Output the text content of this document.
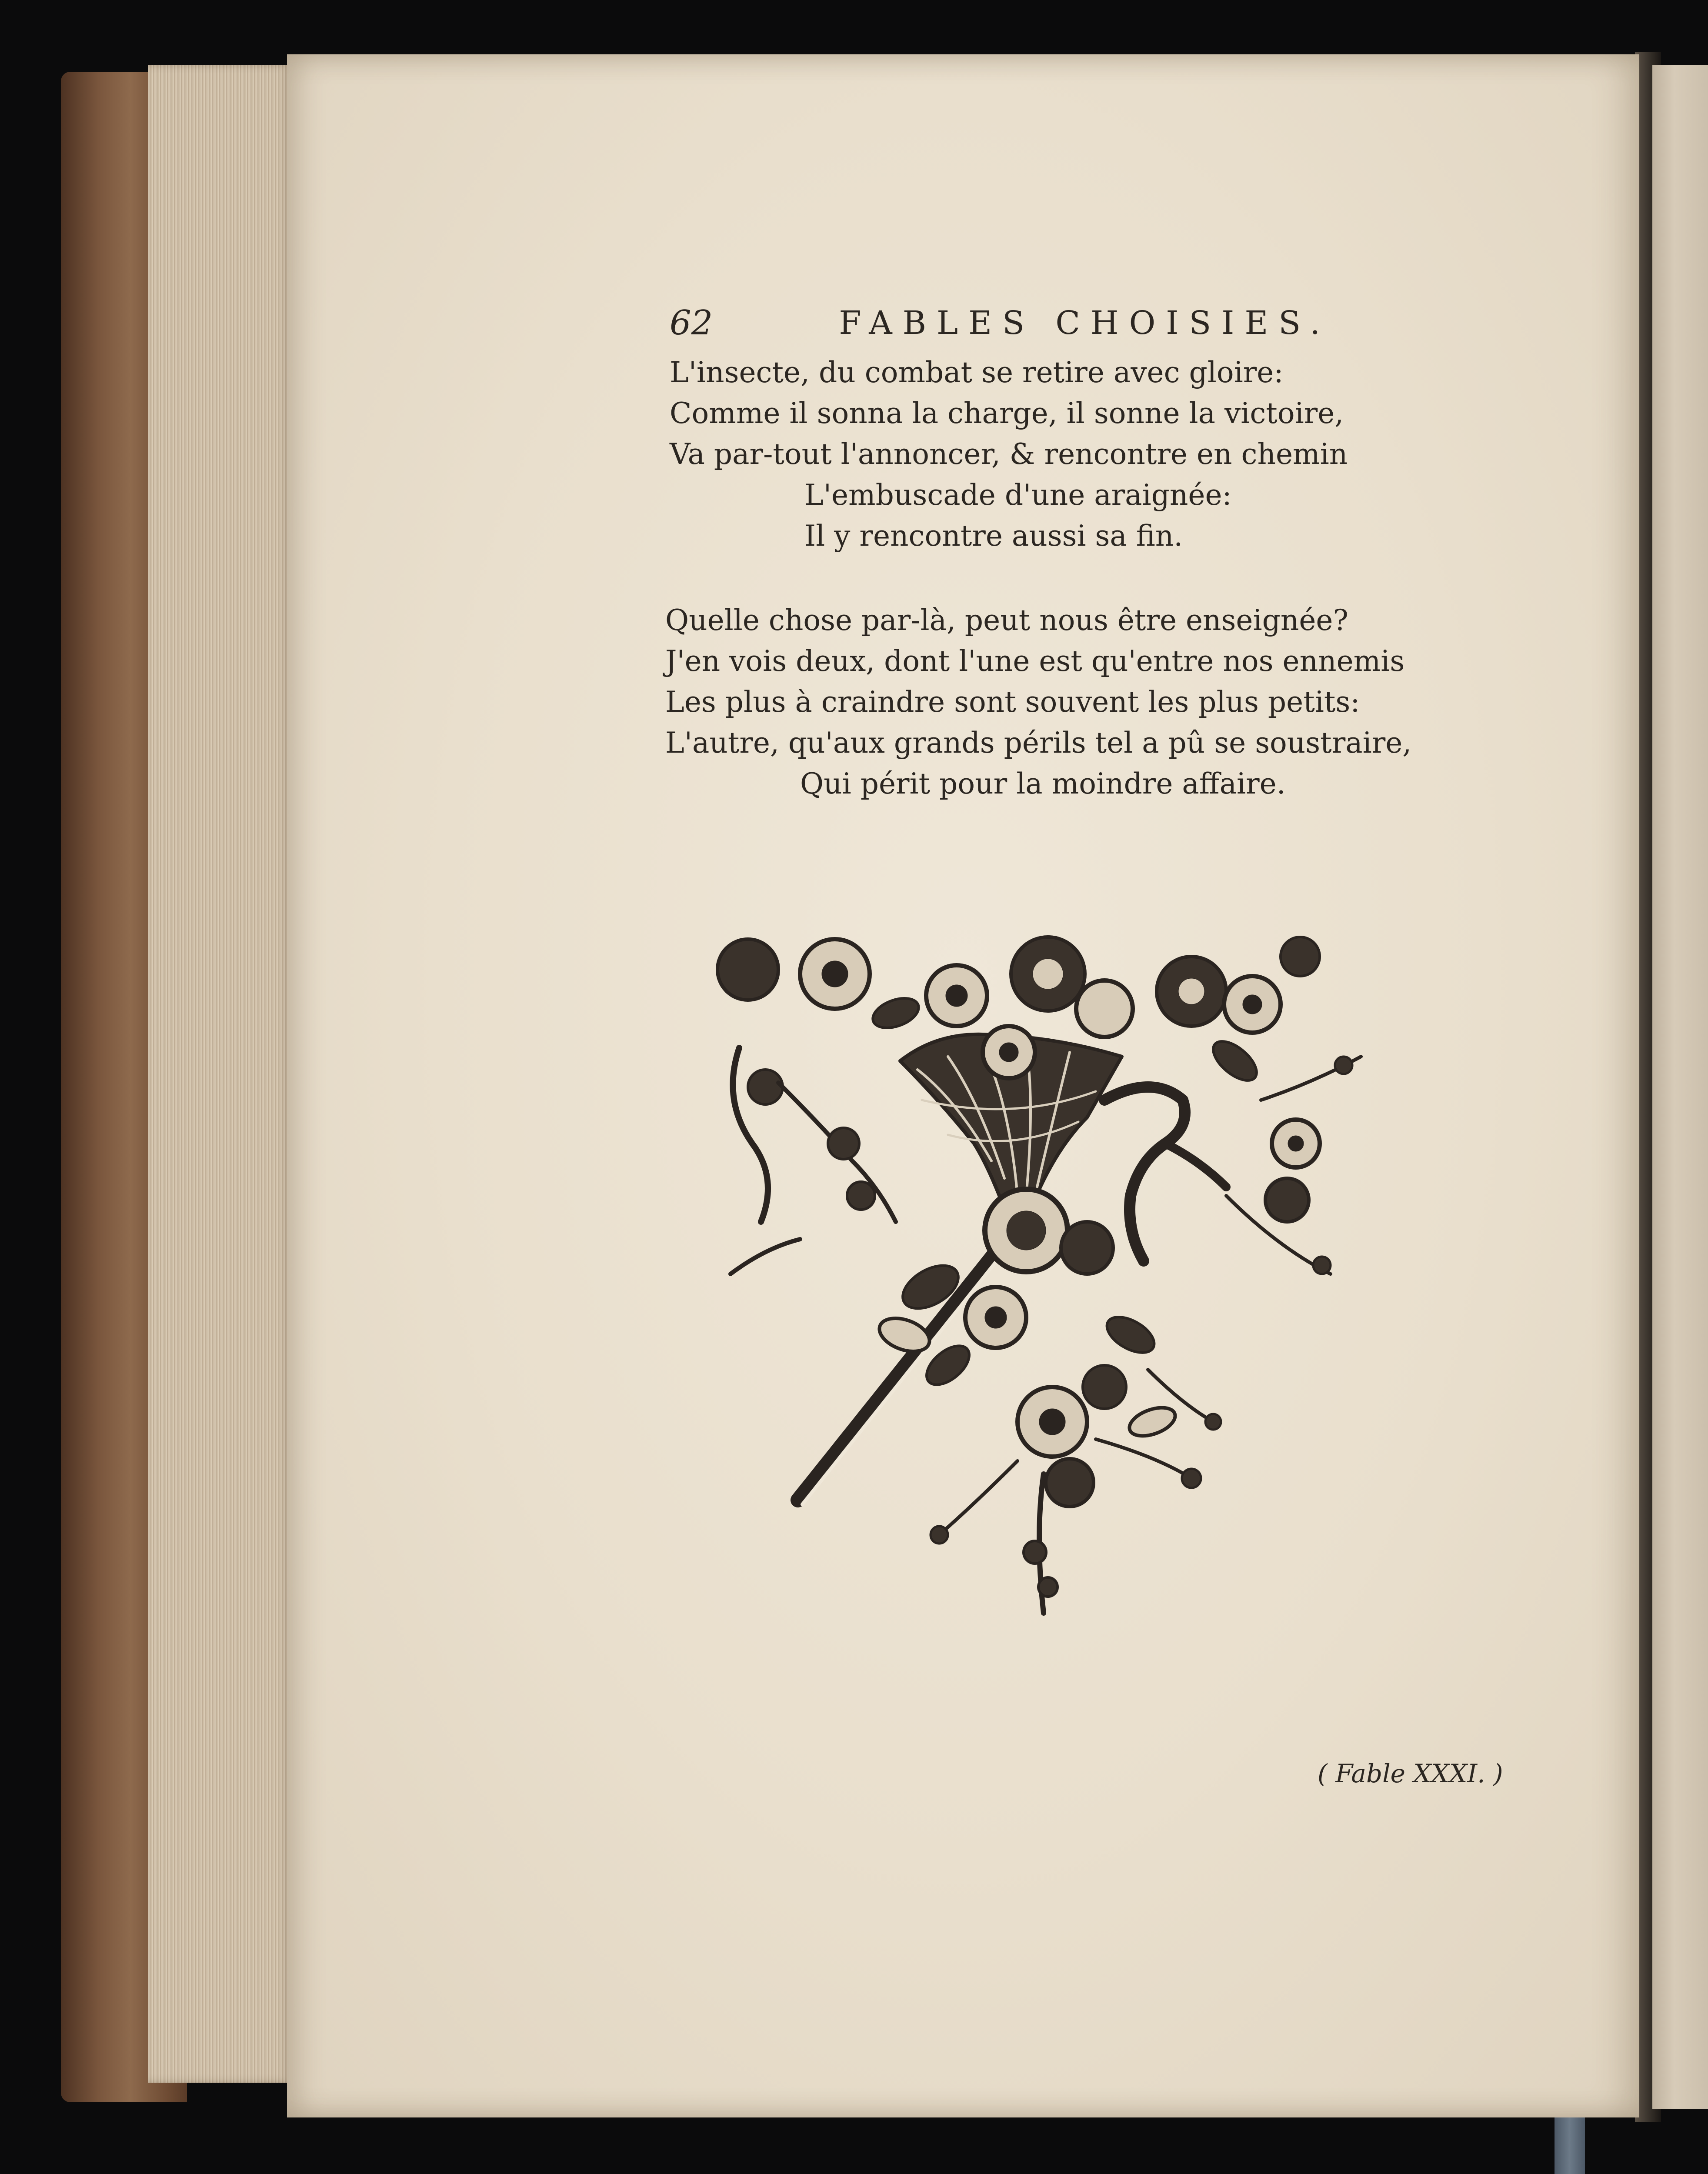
62	FABLES CHOISIES.
L'insecte, du combat se retire avec gloire:
Comme il sonna la charge, il sonne la victoire,
Va par-tout l'annoncer, & rencontre en chemin
L'embuscade d'une araignée:
Il y rencontre aussi sa fin.
Quelle chose par-là, peut nous être enseignée?
J'en vois deux, dont l'une est qu'entre nos ennemis
Les plus à craindre sont souvent les plus petits:
L'autre, qu'aux grands périls tel a pû se soustraire,
Qui périt pour la moindre affaire.
( Fable XXXI. )
